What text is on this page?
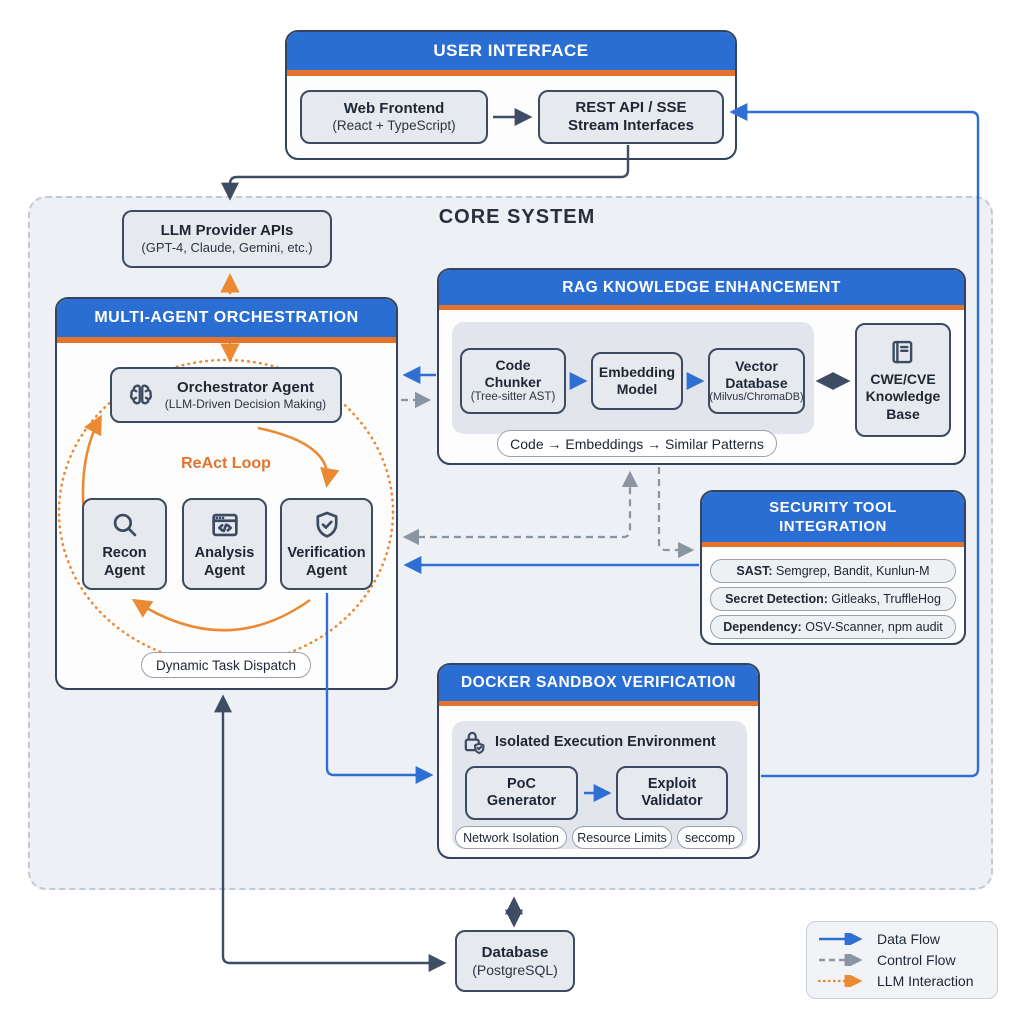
CORE SYSTEM
USER INTERFACE
Web Frontend
(React + TypeScript)
REST API / SSE
Stream Interfaces
LLM Provider APIs
(GPT-4, Claude, Gemini, etc.)
MULTI-AGENT ORCHESTRATION
Orchestrator Agent
(LLM-Driven Decision Making)
ReAct Loop
Recon
Agent
Analysis
Agent
Verification
Agent
Dynamic Task Dispatch
RAG KNOWLEDGE ENHANCEMENT
Code
Chunker
(Tree-sitter AST)
Embedding
Model
Vector
Database
(Milvus/ChromaDB)
Code → Embeddings → Similar Patterns
CWE/CVE Knowledge Base
SECURITY TOOL
INTEGRATION
SAST:
Semgrep, Bandit, Kunlun-M
Secret Detection:
Gitleaks, TruffleHog
Dependency:
OSV-Scanner, npm audit
DOCKER SANDBOX VERIFICATION
Isolated Execution Environment
PoC
Generator
Exploit
Validator
Network Isolation	Resource Limits	seccomp
Database
(PostgreSQL)
Data Flow
Control Flow
LLM Interaction
